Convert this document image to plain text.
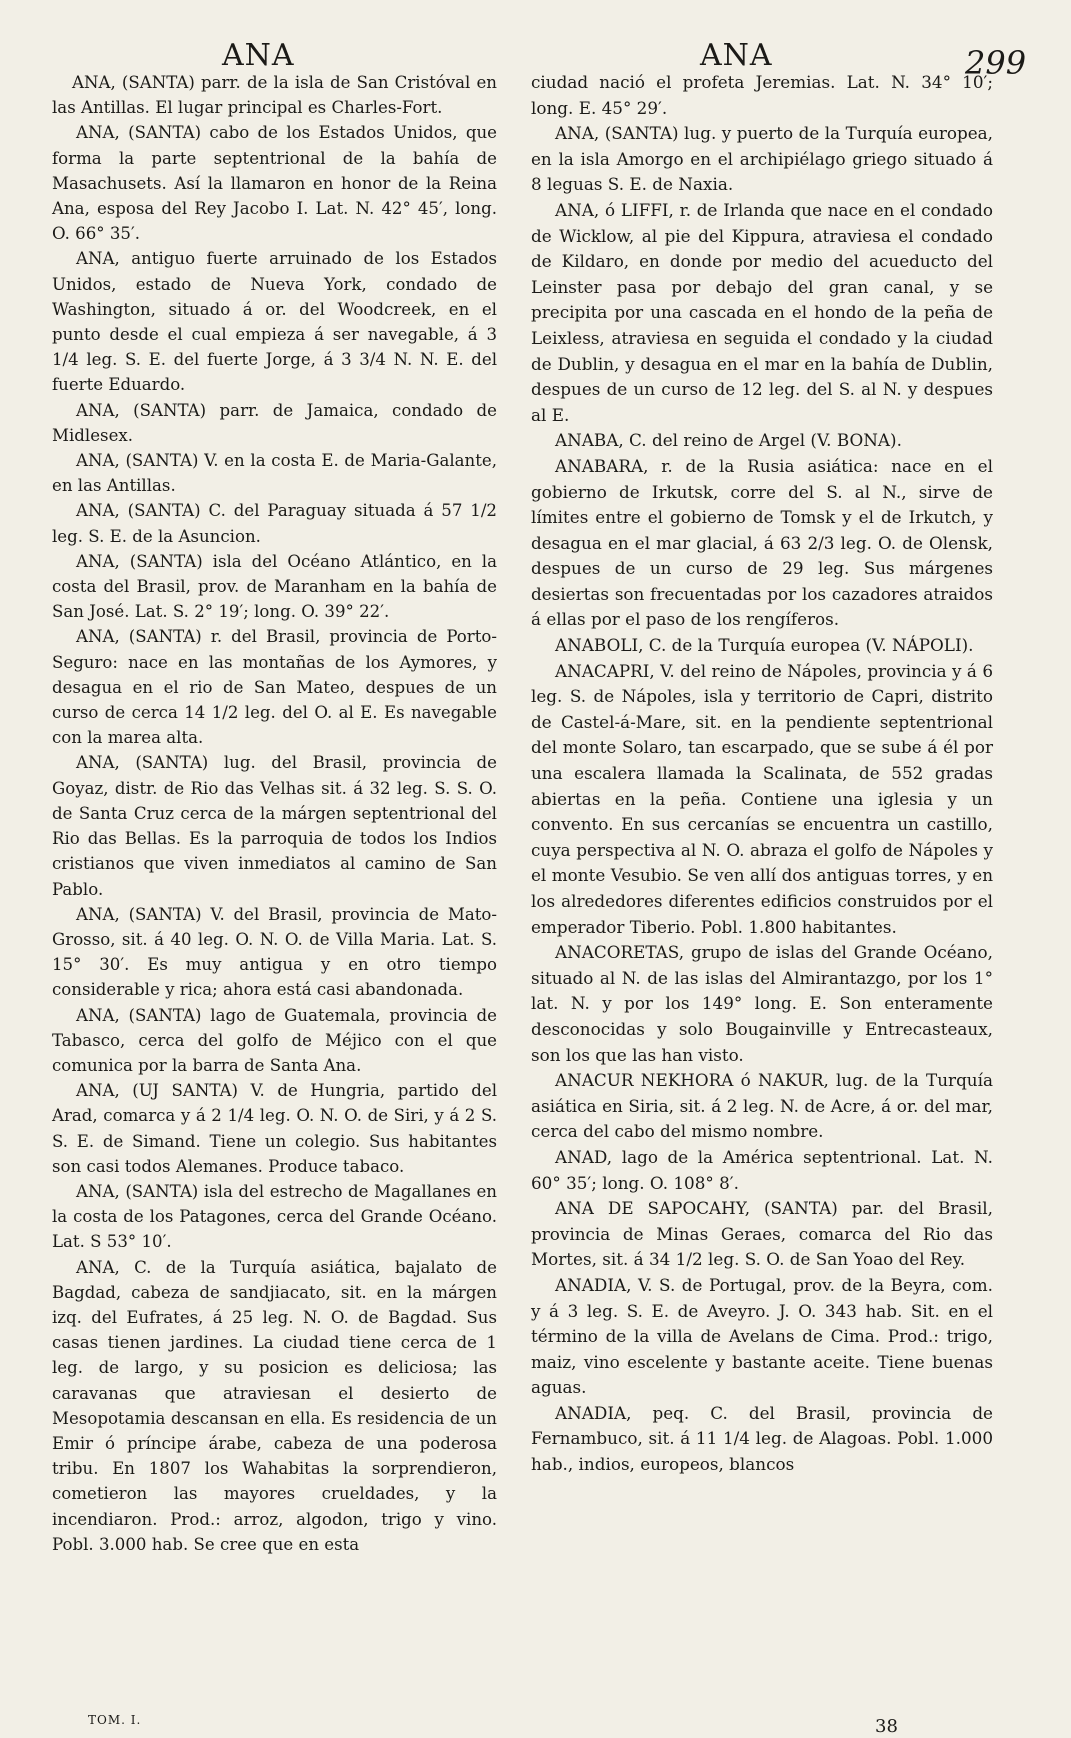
ANA	ANA	299

ANA, (SANTA) parr. de la isla de San Cristóval en las Antillas. El lugar principal es Charles-Fort.

ANA, (SANTA) cabo de los Estados Unidos, que forma la parte septentrional de la bahía de Masachusets. Así la llamaron en honor de la Reina Ana, esposa del Rey Jacobo I. Lat. N. 42° 45′, long. O. 66° 35′.

ANA, antiguo fuerte arruinado de los Estados Unidos, estado de Nueva York, condado de Washington, situado á or. del Woodcreek, en el punto desde el cual empieza á ser navegable, á 3 1/4 leg. S. E. del fuerte Jorge, á 3 3/4 N. N. E. del fuerte Eduardo.

ANA, (SANTA) parr. de Jamaica, condado de Midlesex.

ANA, (SANTA) V. en la costa E. de Maria-Galante, en las Antillas.

ANA, (SANTA) C. del Paraguay situada á 57 1/2 leg. S. E. de la Asuncion.

ANA, (SANTA) isla del Océano Atlántico, en la costa del Brasil, prov. de Maranham en la bahía de San José. Lat. S. 2° 19′; long. O. 39° 22′.

ANA, (SANTA) r. del Brasil, provincia de Porto-Seguro: nace en las montañas de los Aymores, y desagua en el rio de San Mateo, despues de un curso de cerca 14 1/2 leg. del O. al E. Es navegable con la marea alta.

ANA, (SANTA) lug. del Brasil, provincia de Goyaz, distr. de Rio das Velhas sit. á 32 leg. S. S. O. de Santa Cruz cerca de la márgen septentrional del Rio das Bellas. Es la parroquia de todos los Indios cristianos que viven inmediatos al camino de San Pablo.

ANA, (SANTA) V. del Brasil, provincia de Mato-Grosso, sit. á 40 leg. O. N. O. de Villa Maria. Lat. S. 15° 30′. Es muy antigua y en otro tiempo considerable y rica; ahora está casi abandonada.

ANA, (SANTA) lago de Guatemala, provincia de Tabasco, cerca del golfo de Méjico con el que comunica por la barra de Santa Ana.

ANA, (UJ SANTA) V. de Hungria, partido del Arad, comarca y á 2 1/4 leg. O. N. O. de Siri, y á 2 S. S. E. de Simand. Tiene un colegio. Sus habitantes son casi todos Alemanes. Produce tabaco.

ANA, (SANTA) isla del estrecho de Magallanes en la costa de los Patagones, cerca del Grande Océano. Lat. S 53° 10′.

ANA, C. de la Turquía asiática, bajalato de Bagdad, cabeza de sandjiacato, sit. en la márgen izq. del Eufrates, á 25 leg. N. O. de Bagdad. Sus casas tienen jardines. La ciudad tiene cerca de 1 leg. de largo, y su posicion es deliciosa; las caravanas que atraviesan el desierto de Mesopotamia descansan en ella. Es residencia de un Emir ó príncipe árabe, cabeza de una poderosa tribu. En 1807 los Wahabitas la sorprendieron, cometieron las mayores crueldades, y la incendiaron. Prod.: arroz, algodon, trigo y vino. Pobl. 3.000 hab. Se cree que en esta

ciudad nació el profeta Jeremias. Lat. N. 34° 10′; long. E. 45° 29′.

ANA, (SANTA) lug. y puerto de la Turquía europea, en la isla Amorgo en el archipiélago griego situado á 8 leguas S. E. de Naxia.

ANA, ó LIFFI, r. de Irlanda que nace en el condado de Wicklow, al pie del Kippura, atraviesa el condado de Kildaro, en donde por medio del acueducto del Leinster pasa por debajo del gran canal, y se precipita por una cascada en el hondo de la peña de Leixless, atraviesa en seguida el condado y la ciudad de Dublin, y desagua en el mar en la bahía de Dublin, despues de un curso de 12 leg. del S. al N. y despues al E.

ANABA, C. del reino de Argel (V. BONA).

ANABARA, r. de la Rusia asiática: nace en el gobierno de Irkutsk, corre del S. al N., sirve de límites entre el gobierno de Tomsk y el de Irkutch, y desagua en el mar glacial, á 63 2/3 leg. O. de Olensk, despues de un curso de 29 leg. Sus márgenes desiertas son frecuentadas por los cazadores atraidos á ellas por el paso de los rengíferos.

ANABOLI, C. de la Turquía europea (V. NÁPOLI).

ANACAPRI, V. del reino de Nápoles, provincia y á 6 leg. S. de Nápoles, isla y territorio de Capri, distrito de Castel-á-Mare, sit. en la pendiente septentrional del monte Solaro, tan escarpado, que se sube á él por una escalera llamada la Scalinata, de 552 gradas abiertas en la peña. Contiene una iglesia y un convento. En sus cercanías se encuentra un castillo, cuya perspectiva al N. O. abraza el golfo de Nápoles y el monte Vesubio. Se ven allí dos antiguas torres, y en los alrededores diferentes edificios construidos por el emperador Tiberio. Pobl. 1.800 habitantes.

ANACORETAS, grupo de islas del Grande Océano, situado al N. de las islas del Almirantazgo, por los 1° lat. N. y por los 149° long. E. Son enteramente desconocidas y solo Bougainville y Entrecasteaux, son los que las han visto.

ANACUR NEKHORA ó NAKUR, lug. de la Turquía asiática en Siria, sit. á 2 leg. N. de Acre, á or. del mar, cerca del cabo del mismo nombre.

ANAD, lago de la América septentrional. Lat. N. 60° 35′; long. O. 108° 8′.

ANA DE SAPOCAHY, (SANTA) par. del Brasil, provincia de Minas Geraes, comarca del Rio das Mortes, sit. á 34 1/2 leg. S. O. de San Yoao del Rey.

ANADIA, V. S. de Portugal, prov. de la Beyra, com. y á 3 leg. S. E. de Aveyro. J. O. 343 hab. Sit. en el término de la villa de Avelans de Cima. Prod.: trigo, maiz, vino escelente y bastante aceite. Tiene buenas aguas.

ANADIA, peq. C. del Brasil, provincia de Fernambuco, sit. á 11 1/4 leg. de Alagoas. Pobl. 1.000 hab., indios, europeos, blancos

TOM. I.	38
